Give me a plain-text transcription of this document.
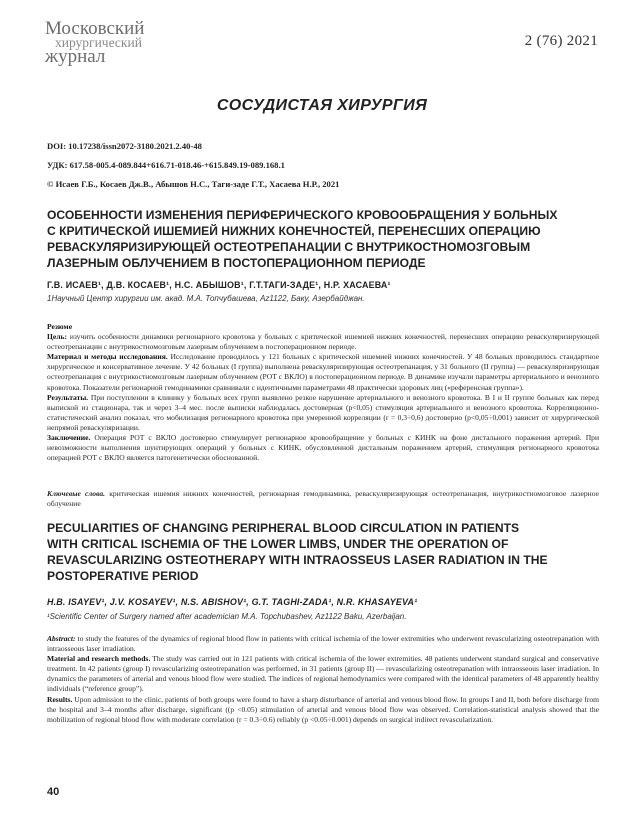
Московский
хирургический
журнал
2 (76) 2021
СОСУДИСТАЯ ХИРУРГИЯ
DOI: 10.17238/issn2072-3180.2021.2.40-48
УДК: 617.58-005.4-089.844+616.71-018.46-+615.849.19-089.168.1
© Исаев Г.Б., Косаев Дж.В., Абышов Н.С., Таги-заде Г.Т., Хасаева Н.Р., 2021
ОСОБЕННОСТИ ИЗМЕНЕНИЯ ПЕРИФЕРИЧЕСКОГО КРОВООБРАЩЕНИЯ У БОЛЬНЫХ
С КРИТИЧЕСКОЙ ИШЕМИЕЙ НИЖНИХ КОНЕЧНОСТЕЙ, ПЕРЕНЕСШИХ ОПЕРАЦИЮ
РЕВАСКУЛЯРИЗИРУЮЩЕЙ ОСТЕОТРЕПАНАЦИИ С ВНУТРИКОСТНОМОЗГОВЫМ
ЛАЗЕРНЫМ ОБЛУЧЕНИЕМ В ПОСТОПЕРАЦИОННОМ ПЕРИОДЕ
Г.В. ИСАЕВ¹, Д.В. КОСАЕВ¹, Н.С. АБЫШОВ¹, Г.Т.ТАГИ-ЗАДЕ¹, Н.Р. ХАСАЕВА¹
1Научный Центр хирургии им. акад. М.А. Топчубашева, Az1122, Баку, Азербайджан.

Резюме

Цель: изучить особенности динамики регионарного кровотока у больных с критической ишемией нижних конечностей, перенесших операцию реваскуляризирующей остеотрепанации с внутрикостномозговым лазерным облучением в постоперационном периоде.

Материал и методы исследования. Исследование проводилось у 121 больных с критической ишемией нижних конечностей. У 48 больных проводилось стандартное хирургическое и консервативное лечение. У 42 больных (I группа) выполнена реваскуляризирующая остеотрепанация, у 31 больного (II группа) — реваскуляризирующая остеотрепанация с внутрикостномозговым лазерным облучением (РОТ с ВКЛО) в постоперационном периоде. В динамике изучали параметры артериального и венозного кровотока. Показатели регионарной гемодинамики сравнивали с идентичными параметрами 48 практически здоровых лиц («референсная группа»).

Результаты. При поступлении в клинику у больных всех групп выявлено резкое нарушение артериального и венозного кровотока. В I и II группе больных как перед выпиской из стационара, так и через 3–4 мес. после выписки наблюдалась достоверная (p<0,05) стимуляция артериального и венозного кровотока. Корреляционно-статистический анализ показал, что мобилизация регионарного кровотока при умеренной корреляции (r = 0,3÷0,6) достоверно (p<0,05÷0,001) зависит от хирургической непрямой реваскуляризации.

Заключение. Операция РОТ с ВКЛО достоверно стимулирует регионарное кровообращение у больных с КИНК на фоне дистального поражения артерий. При невозможности выполнения шунтирующих операций у больных с КИНК, обусловленной дистальным поражением артерий, стимуляция регионарного кровотока операцией РОТ с ВКЛО является патогенетически обоснованной.

Ключевые слова. критическая ишемия нижних конечностей, регионарная гемодинамика, реваскуляризирующая остеотрепанация, внутрикостномозговое лазерное облучение
PECULIARITIES OF CHANGING PERIPHERAL BLOOD CIRCULATION IN PATIENTS
WITH CRITICAL ISCHEMIA OF THE LOWER LIMBS, UNDER THE OPERATION OF
REVASCULARIZING OSTEOTHERAPY WITH INTRAOSSEUS LASER RADIATION IN THE
POSTOPERATIVE PERIOD
H.B. ISAYEV¹, J.V. KOSAYEV¹, N.S. ABISHOV¹, G.T. TAGHI-ZADA¹, N.R. KHASAYEVA¹
¹Scientific Center of Surgery named after academician M.A. Topchubashev, Az1122 Baku, Azerbaijan.

Abstract: to study the features of the dynamics of regional blood flow in patients with critical ischemia of the lower extremities who underwent revascularizing osteotrepanation with intraosseous laser irradiation.

Material and research methods. The study was carried out in 121 patients with critical ischemia of the lower extremities. 48 patients underwent standard surgical and conservative treatment. In 42 patients (group I) revascularizing osteotrepanation was performed, in 31 patients (group II) — revascularizing osteotrepanation with intraosseous laser irradiation. In dynamics the parameters of arterial and venous blood flow were studied. The indices of regional hemodynamics were compared with the identical parameters of 48 apparently healthy individuals (“reference group”).

Results. Upon admission to the clinic, patients of both groups were found to have a sharp disturbance of arterial and venous blood flow. In groups I and II, both before discharge from the hospital and 3–4 months after discharge, significant ((p <0.05) stimulation of arterial and venous blood flow was observed. Correlation-statistical analysis showed that the mobilization of regional blood flow with moderate correlation (r = 0.3÷0.6) reliably (p <0.05÷0.001) depends on surgical indirect revascularization.

40
